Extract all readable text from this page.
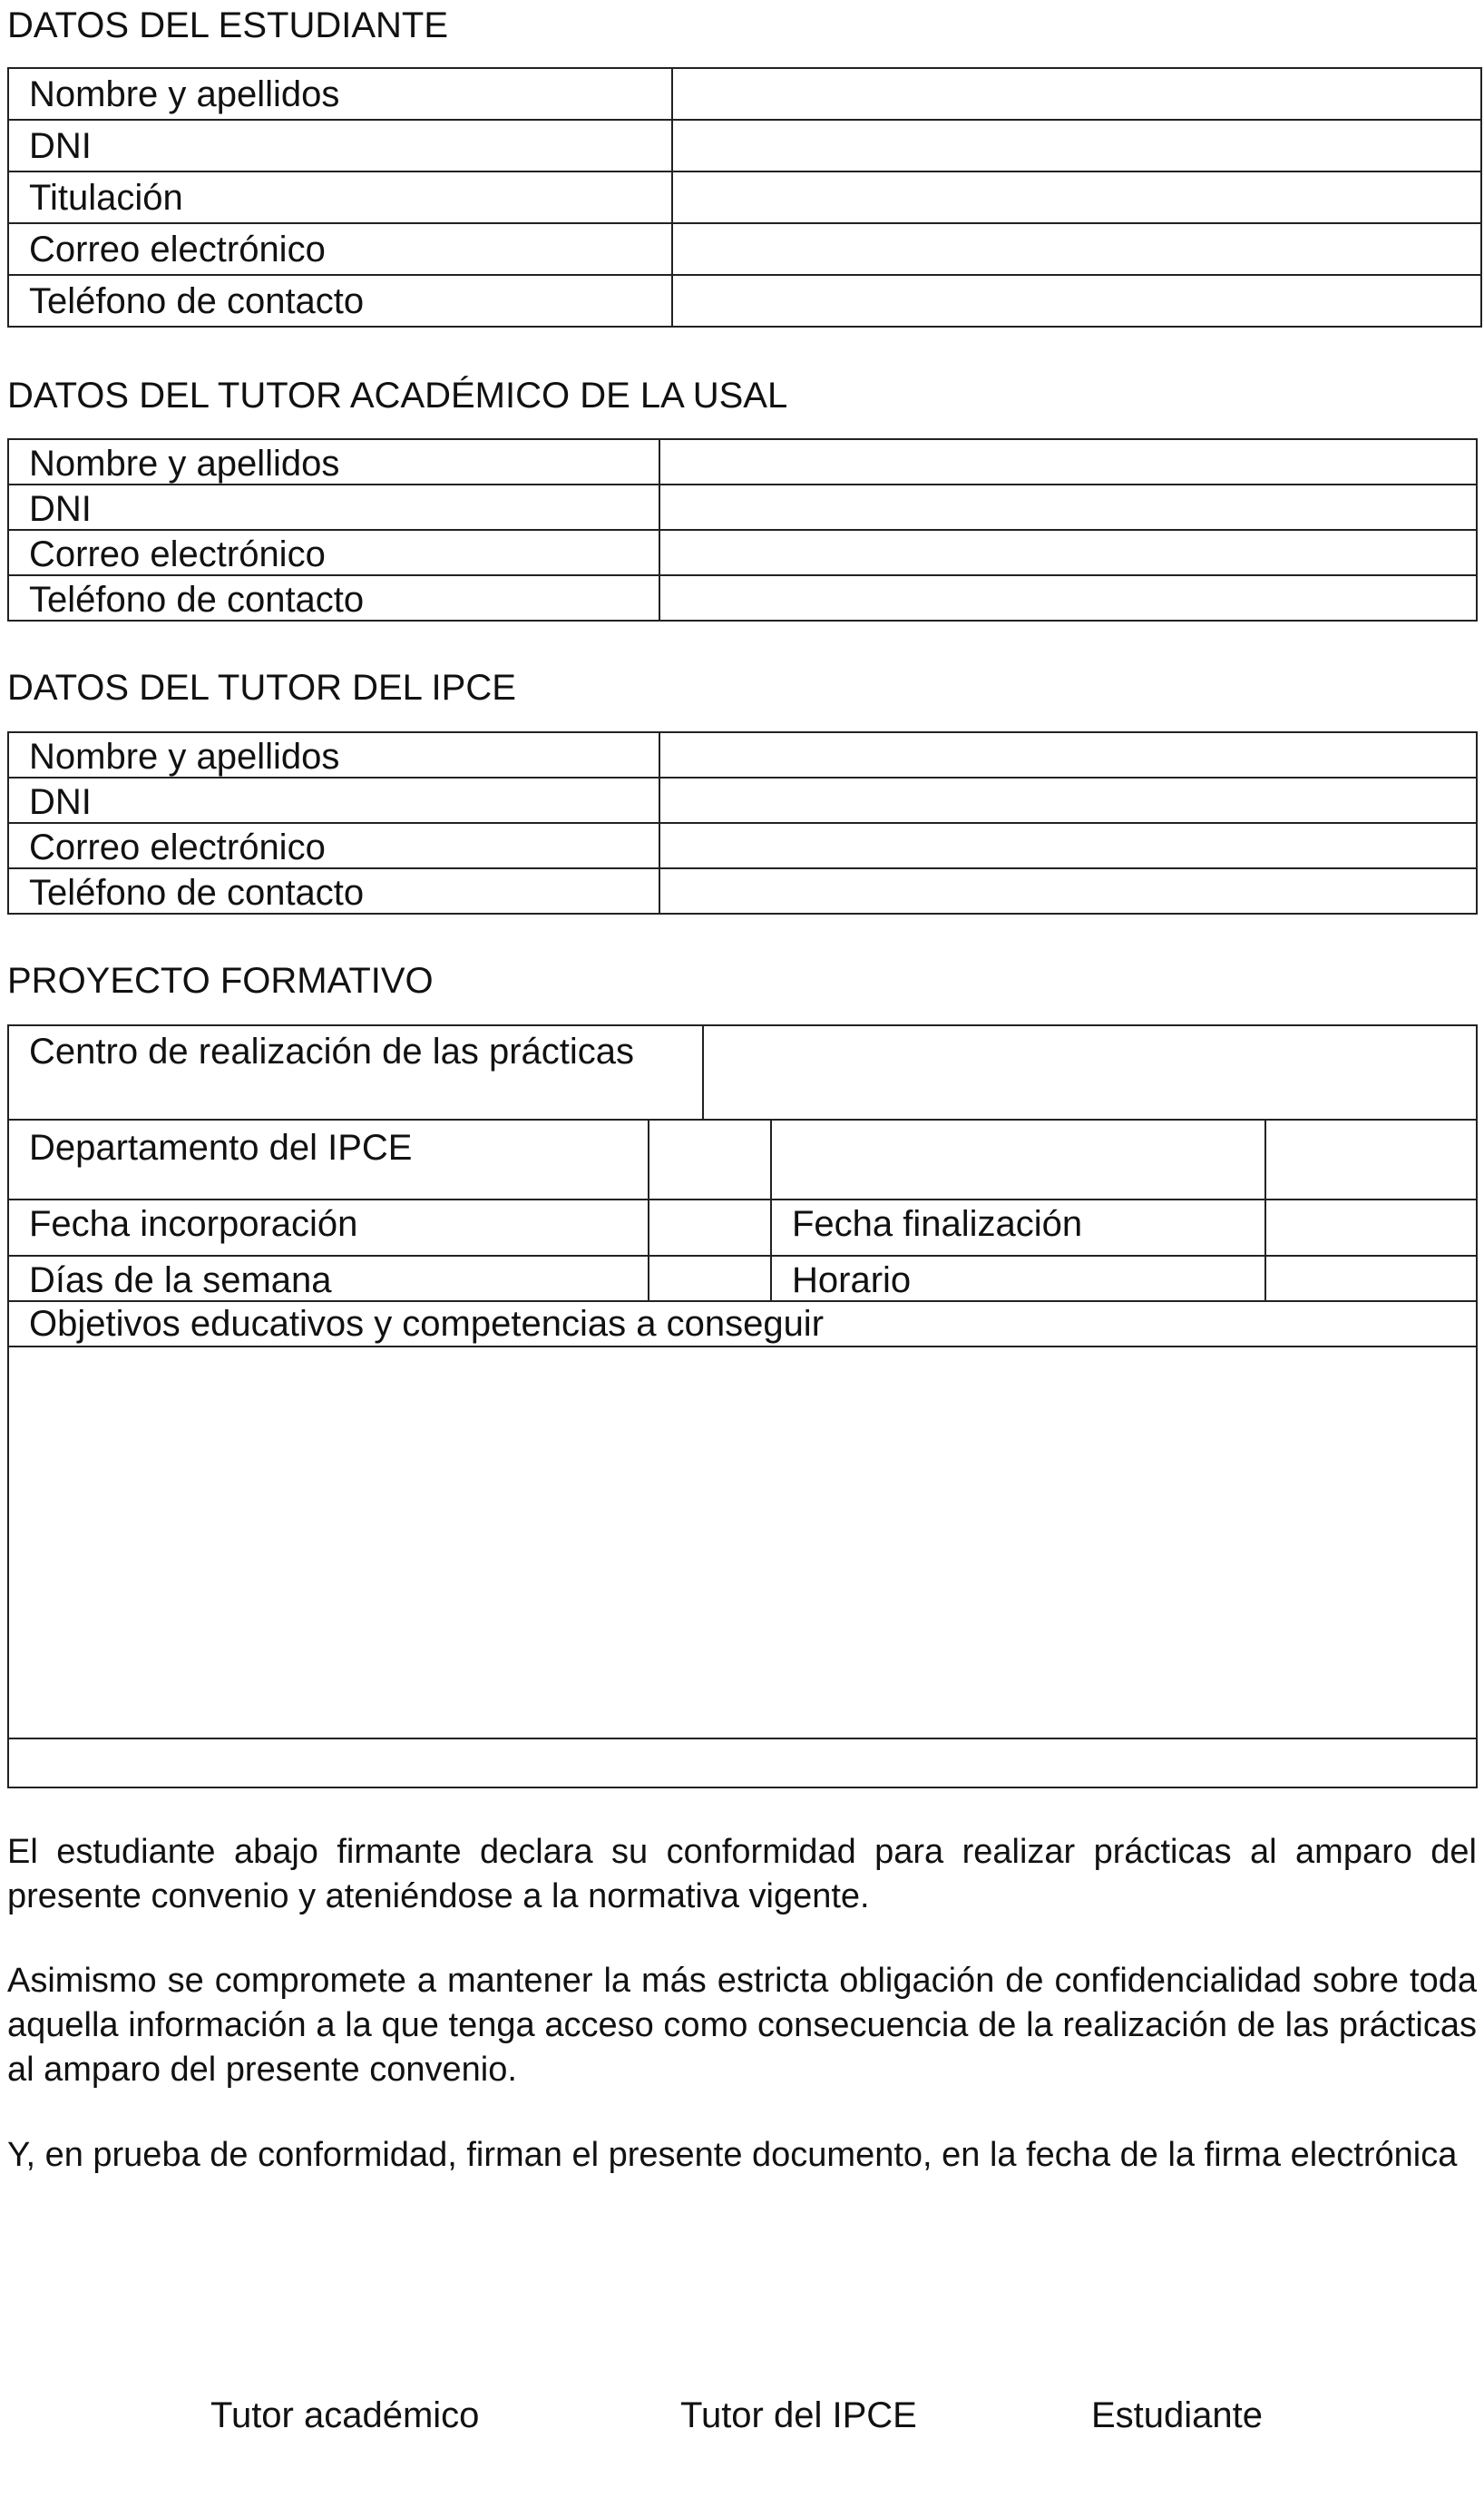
DATOS DEL ESTUDIANTE
Nombre y apellidos
DNI
Titulación
Correo electrónico
Teléfono de contacto
DATOS DEL TUTOR ACADÉMICO DE LA USAL
Nombre y apellidos
DNI
Correo electrónico
Teléfono de contacto
DATOS DEL TUTOR DEL IPCE
Nombre y apellidos
DNI
Correo electrónico
Teléfono de contacto
PROYECTO FORMATIVO
Centro de realización de las prácticas
Departamento del IPCE
Fecha incorporación	Fecha finalización
Días de la semana	Horario
Objetivos educativos y competencias a conseguir
El estudiante abajo firmante declara su conformidad para realizar prácticas al amparo del presente convenio y ateniéndose a la normativa vigente.
Asimismo se compromete a mantener la más estricta obligación de confidencialidad sobre toda aquella información a la que tenga acceso como consecuencia de la realización de las prácticas al amparo del presente convenio.
Y, en prueba de conformidad, firman el presente documento, en la fecha de la firma electrónica
Tutor académico	Tutor del IPCE	Estudiante
